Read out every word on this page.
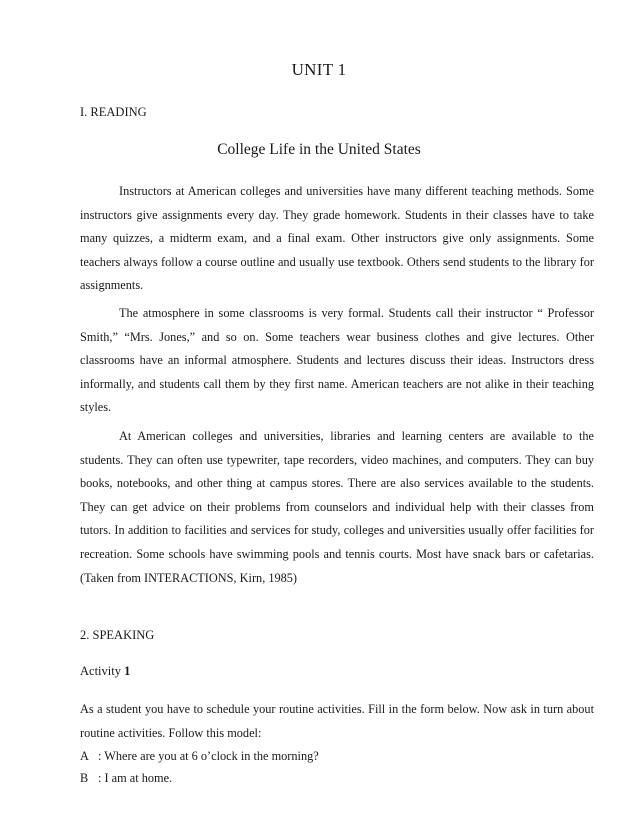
UNIT 1
I. READING
College Life in the United States

Instructors at American colleges and universities have many different teaching methods. Some instructors give assignments every day. They grade homework. Students in their classes have to take many quizzes, a midterm exam, and a final exam. Other instructors give only assignments. Some teachers always follow a course outline and usually use textbook. Others send students to the library for assignments.

The atmosphere in some classrooms is very formal. Students call their instructor “ Professor Smith,” “Mrs. Jones,” and so on. Some teachers wear business clothes and give lectures. Other classrooms have an informal atmosphere. Students and lectures discuss their ideas. Instructors dress informally, and students call them by they first name. American teachers are not alike in their teaching styles.

At American colleges and universities, libraries and learning centers are available to the students. They can often use typewriter, tape recorders, video machines, and computers. They can buy books, notebooks, and other thing at campus stores. There are also services available to the students. They can get advice on their problems from counselors and individual help with their classes from tutors. In addition to facilities and services for study, colleges and universities usually offer facilities for recreation. Some schools have swimming pools and tennis courts. Most have snack bars or cafetarias. (Taken from INTERACTIONS, Kirn, 1985)

2. SPEAKING

Activity 1

As a student you have to schedule your routine activities. Fill in the form below. Now ask in turn about routine activities. Follow this model:

A : Where are you at 6 o’clock in the morning?

B : I am at home.
